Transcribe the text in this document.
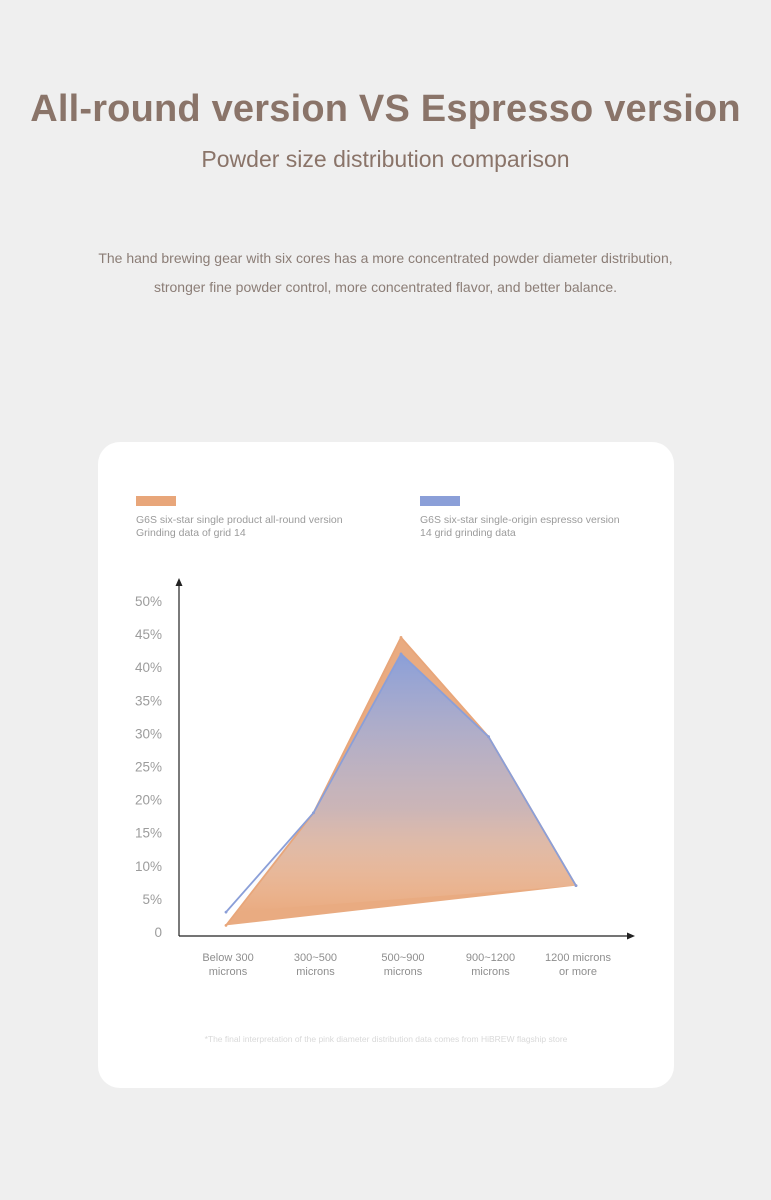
All-round version VS Espresso version
Powder size distribution comparison
The hand brewing gear with six cores has a more concentrated powder diameter distribution,
stronger fine powder control, more concentrated flavor, and better balance.
G6S six-star single product all-round version
Grinding data of grid 14
G6S six-star single-origin espresso version
14 grid grinding data
0
5%
10%
15%
20%
25%
30%
35%
40%
45%
50%
Below 300
microns
300~500
microns
500~900
microns
900~1200
microns
1200 microns
or more
*The final interpretation of the pink diameter distribution data comes from HiBREW flagship store
